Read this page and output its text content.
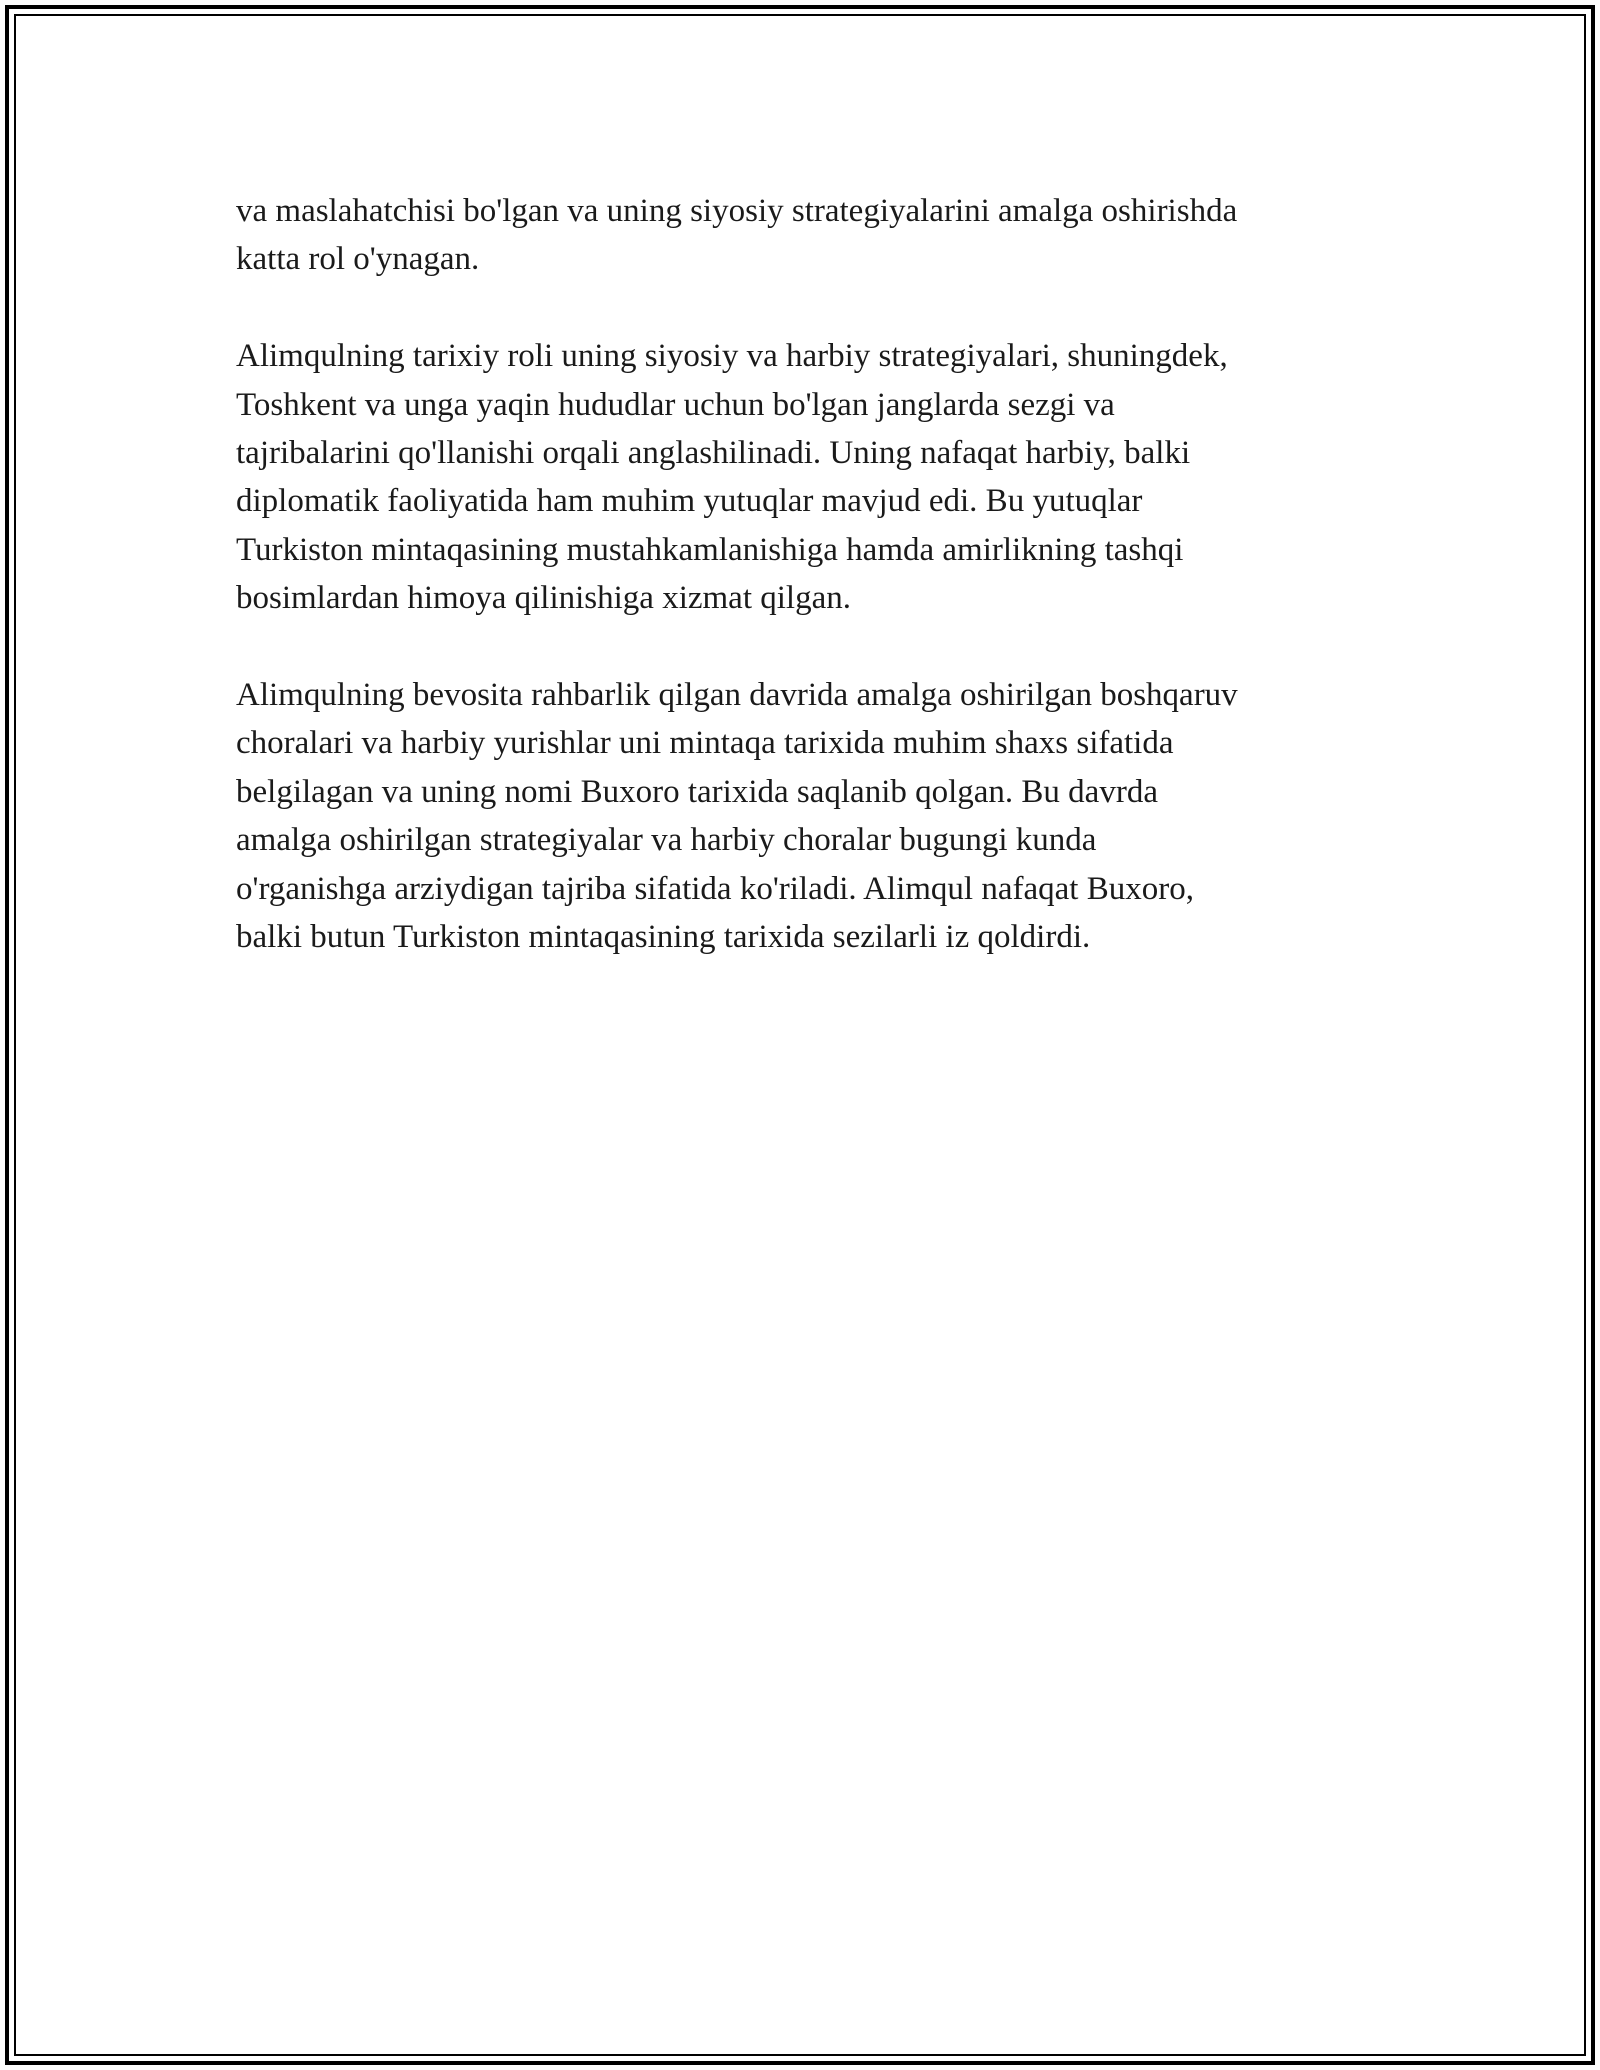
va maslahatchisi bo'lgan va uning siyosiy strategiyalarini amalga oshirishda
katta rol o'ynagan.

Alimqulning tarixiy roli uning siyosiy va harbiy strategiyalari, shuningdek,
Toshkent va unga yaqin hududlar uchun bo'lgan janglarda sezgi va
tajribalarini qo'llanishi orqali anglashilinadi. Uning nafaqat harbiy, balki
diplomatik faoliyatida ham muhim yutuqlar mavjud edi. Bu yutuqlar
Turkiston mintaqasining mustahkamlanishiga hamda amirlikning tashqi
bosimlardan himoya qilinishiga xizmat qilgan.

Alimqulning bevosita rahbarlik qilgan davrida amalga oshirilgan boshqaruv
choralari va harbiy yurishlar uni mintaqa tarixida muhim shaxs sifatida
belgilagan va uning nomi Buxoro tarixida saqlanib qolgan. Bu davrda
amalga oshirilgan strategiyalar va harbiy choralar bugungi kunda
o'rganishga arziydigan tajriba sifatida ko'riladi. Alimqul nafaqat Buxoro,
balki butun Turkiston mintaqasining tarixida sezilarli iz qoldirdi.
